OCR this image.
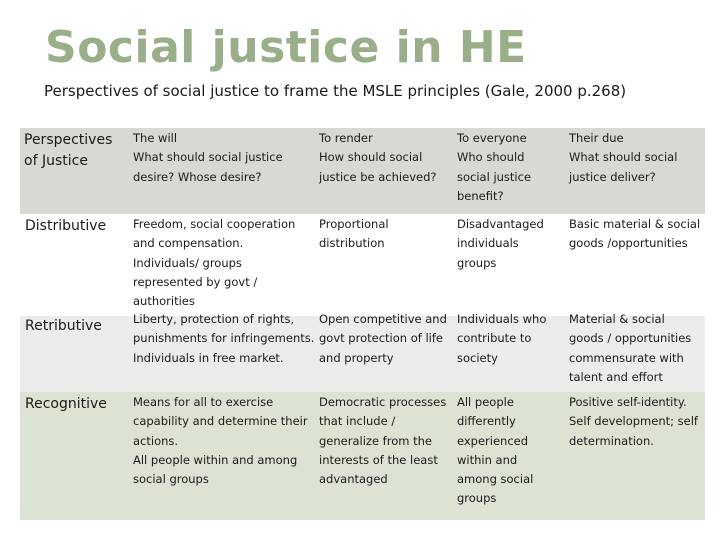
Social justice in HE
Perspectives of social justice to frame the MSLE principles (Gale, 2000 p.268)
Perspectives
of Justice
The will
What should social justice
desire? Whose desire?
To render
How should social
justice be achieved?
To everyone
Who should
social justice
benefit?
Their due
What should social
justice deliver?
Distributive Freedom, social cooperation
and compensation.
Individuals/ groups
represented by govt /
authorities
Proportional
distribution
Disadvantaged
individuals
groups
Basic material & social
goods /opportunities
Retributive	Liberty, protection of rights,
punishments for infringements.
Individuals in free market.
Open competitive and
govt protection of life
and property
Individuals who
contribute to
society
Material & social
goods / opportunities
commensurate with
talent and effort
Recognitive Means for all to exercise
capability and determine their
actions.
All people within and among
social groups
Democratic processes
that include /
generalize from the
interests of the least
advantaged
All people
differently
experienced
within and
among social
groups
Positive self-identity.
Self development; self
determination.
